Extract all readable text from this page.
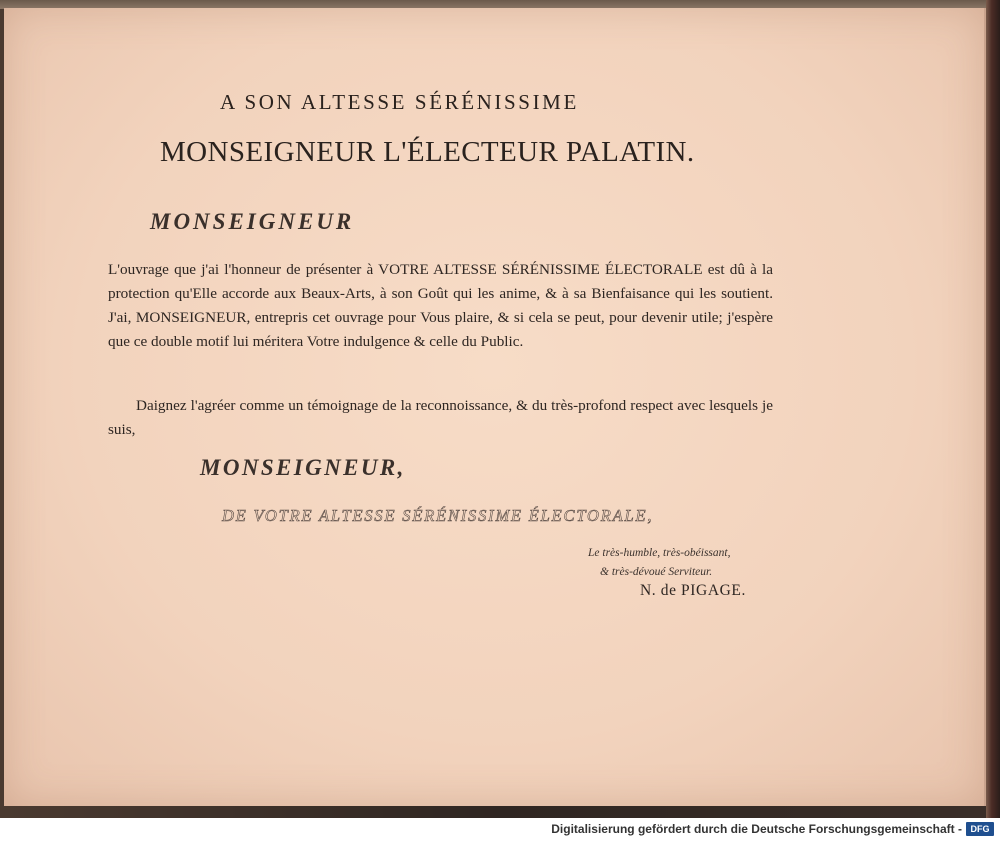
A SON ALTESSE SÉRÉNISSIME
MONSEIGNEUR L'ÉLECTEUR PALATIN.
MONSEIGNEUR
L'ouvrage que j'ai l'honneur de présenter à VOTRE ALTESSE SÉRÉNISSIME ÉLECTORALE est dû à la protection qu'Elle accorde aux Beaux-Arts, à son Goût qui les anime, & à sa Bienfaisance qui les soutient. J'ai, MONSEIGNEUR, entrepris cet ouvrage pour Vous plaire, & si cela se peut, pour devenir utile; j'espère que ce double motif lui méritera Votre indulgence & celle du Public.
Daignez l'agréer comme un témoignage de la reconnoissance, & du très-profond respect avec lesquels je suis,
MONSEIGNEUR,
DE VOTRE ALTESSE SÉRÉNISSIME ÉLECTORALE,
Le très-humble, très-obéissant,
& très-dévoué Serviteur.
N. de PIGAGE.
Digitalisierung gefördert durch die Deutsche Forschungsgemeinschaft - DFG
